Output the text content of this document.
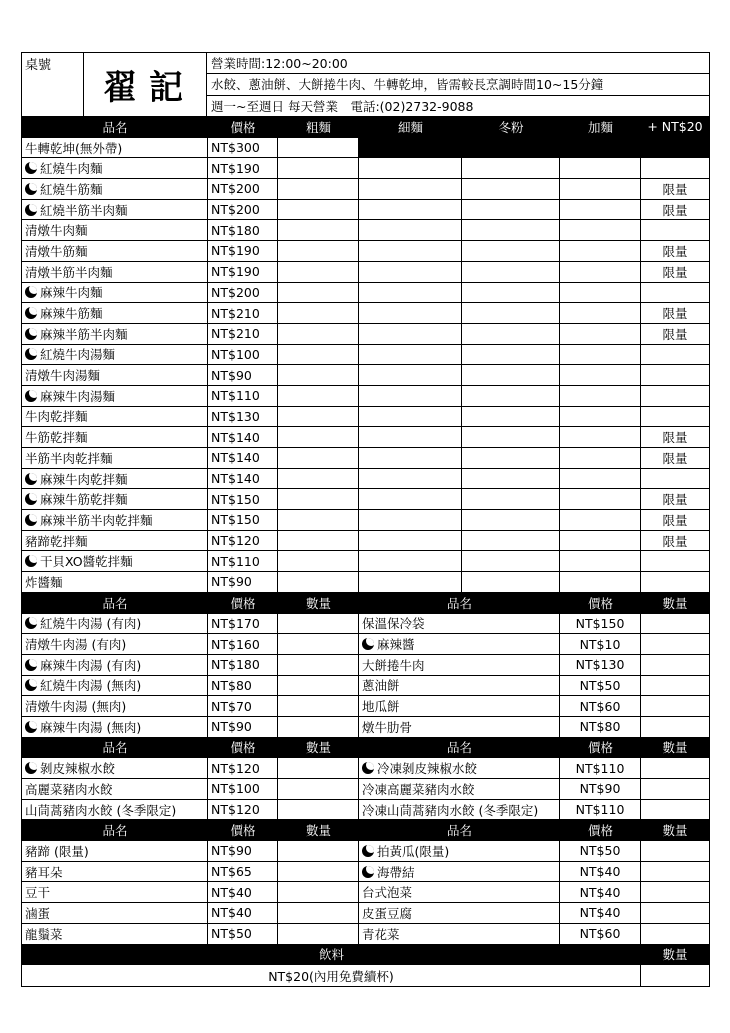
桌號
翟記
營業時間:12:00~20:00
水餃、蔥油餅、大餅捲牛肉、牛轉乾坤，皆需較長烹調時間10~15分鐘
週一~至週日 每天營業　電話:(02)2732-9088
品名	價格	粗麵	細麵	冬粉	加麵	+ NT$20
牛轉乾坤(無外帶)	NT$300
紅燒牛肉麵	NT$190
紅燒牛筋麵	NT$200	限量
紅燒半筋半肉麵	NT$200	限量
清燉牛肉麵	NT$180
清燉牛筋麵	NT$190	限量
清燉半筋半肉麵	NT$190	限量
麻辣牛肉麵	NT$200
麻辣牛筋麵	NT$210	限量
麻辣半筋半肉麵	NT$210	限量
紅燒牛肉湯麵	NT$100
清燉牛肉湯麵	NT$90
麻辣牛肉湯麵	NT$110
牛肉乾拌麵	NT$130
牛筋乾拌麵	NT$140	限量
半筋半肉乾拌麵	NT$140	限量
麻辣牛肉乾拌麵	NT$140
麻辣牛筋乾拌麵	NT$150	限量
麻辣半筋半肉乾拌麵	NT$150	限量
豬蹄乾拌麵	NT$120	限量
干貝XO醬乾拌麵	NT$110
炸醬麵	NT$90
品名	價格	數量	品名	價格	數量
紅燒牛肉湯 (有肉)	NT$170	保溫保冷袋	NT$150
清燉牛肉湯 (有肉)	NT$160	麻辣醬	NT$10
麻辣牛肉湯 (有肉)	NT$180	大餅捲牛肉	NT$130
紅燒牛肉湯 (無肉)	NT$80	蔥油餅	NT$50
清燉牛肉湯 (無肉)	NT$70	地瓜餅	NT$60
麻辣牛肉湯 (無肉)	NT$90	燉牛肋骨	NT$80
品名	價格	數量	品名	價格	數量
剝皮辣椒水餃	NT$120	冷凍剝皮辣椒水餃	NT$110
高麗菜豬肉水餃	NT$100	冷凍高麗菜豬肉水餃	NT$90
山茼蒿豬肉水餃 (冬季限定)	NT$120	冷凍山茼蒿豬肉水餃 (冬季限定)	NT$110
品名	價格	數量	品名	價格	數量
豬蹄 (限量)	NT$90	拍黃瓜(限量)	NT$50
豬耳朵	NT$65	海帶結	NT$40
豆干	NT$40	台式泡菜	NT$40
滷蛋	NT$40	皮蛋豆腐	NT$40
龍鬚菜	NT$50	青花菜	NT$60
飲料	數量
NT$20(內用免費續杯)
